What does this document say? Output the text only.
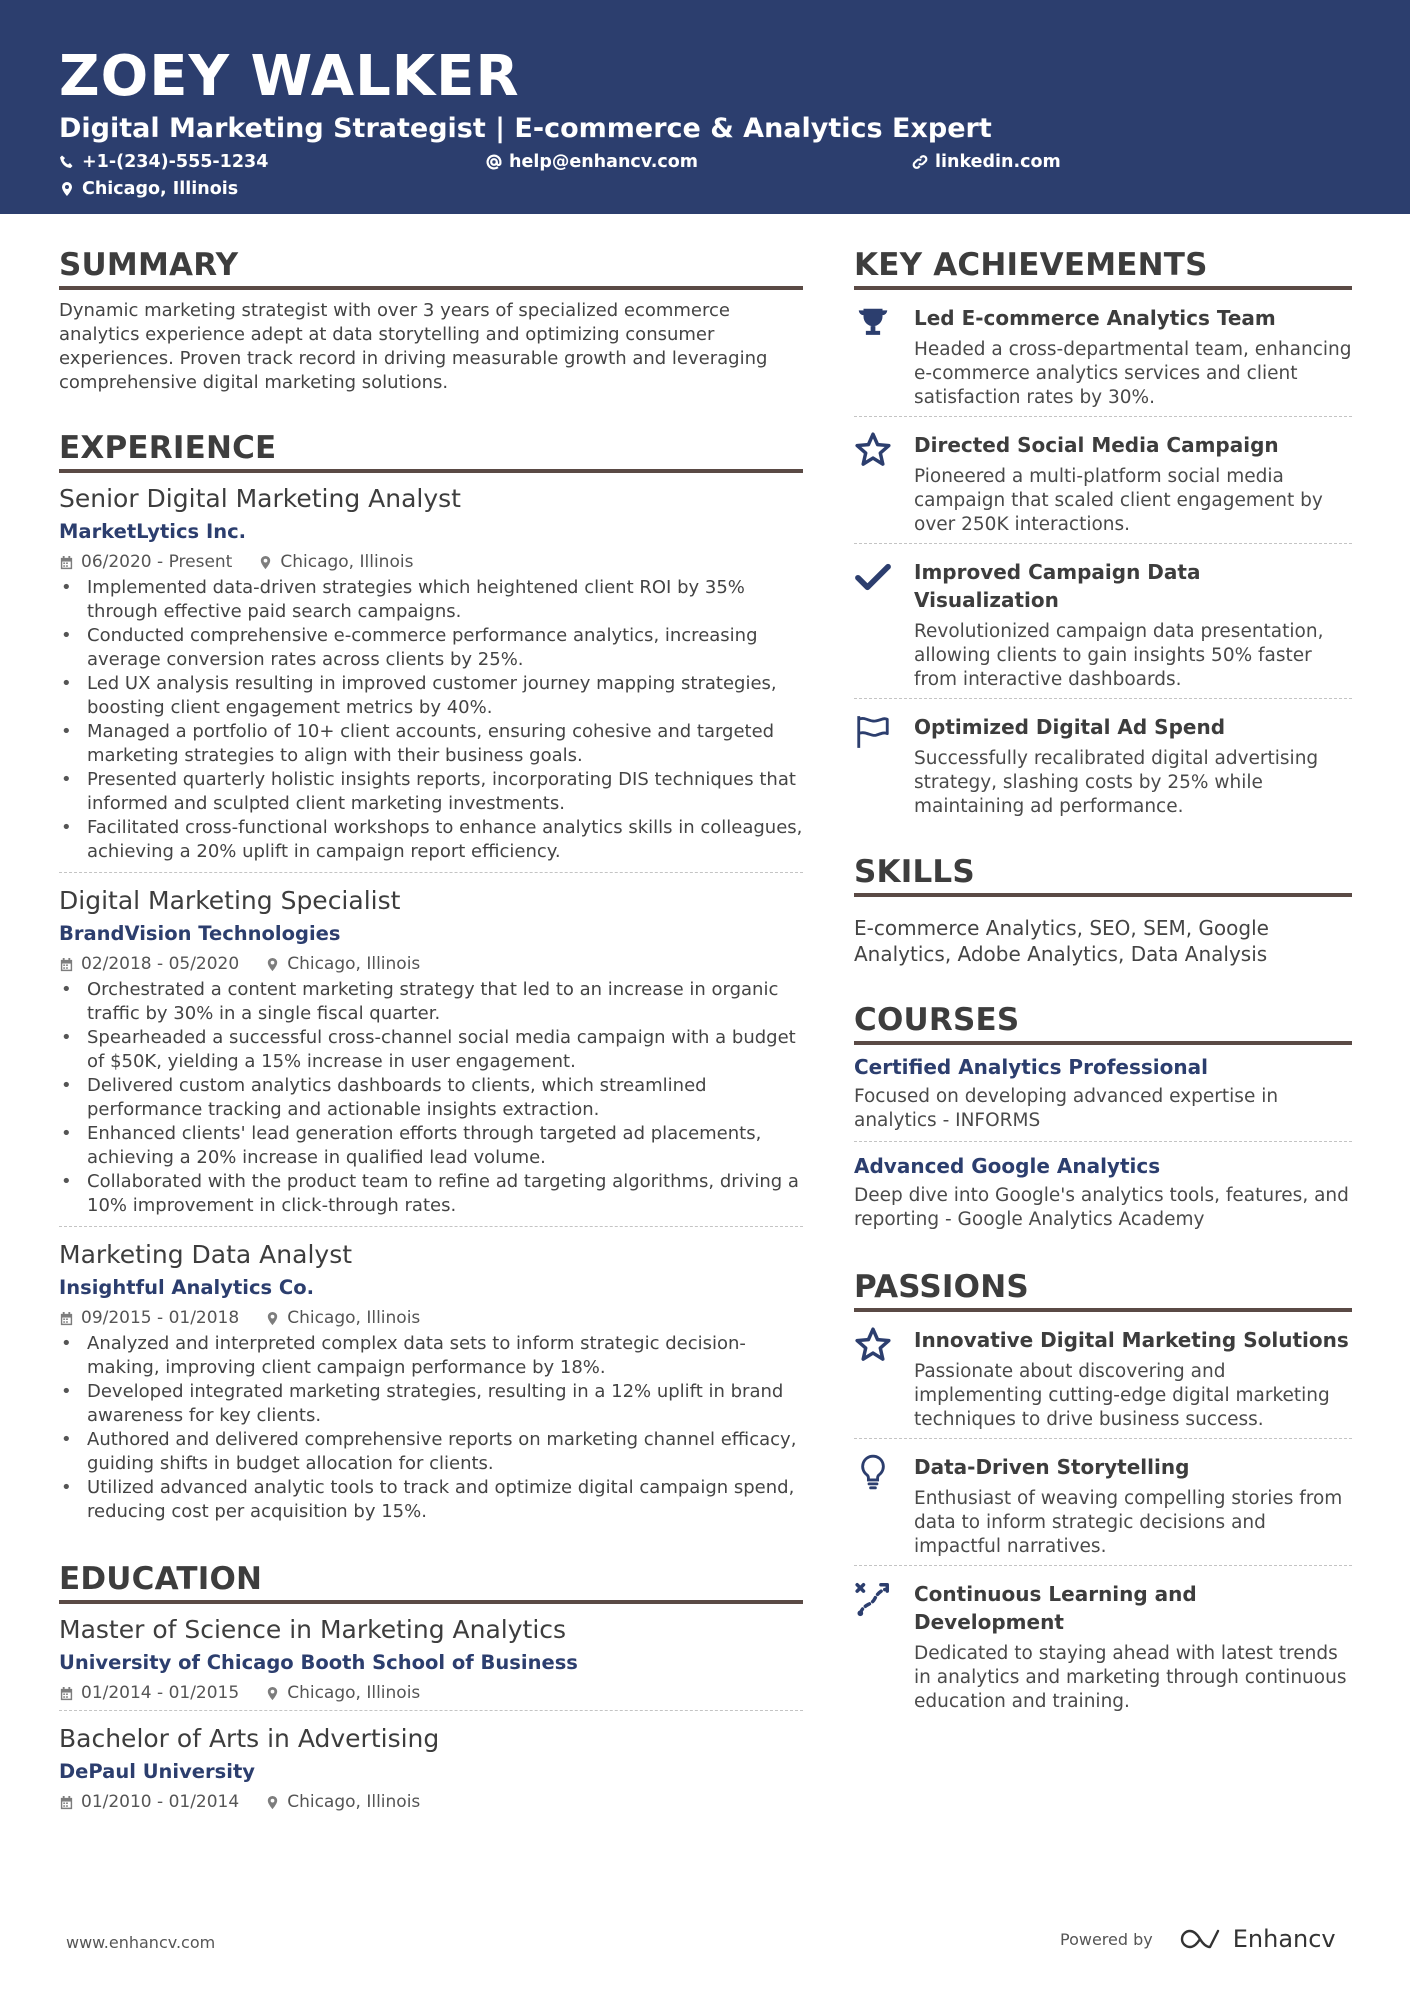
ZOEY WALKER
Digital Marketing Strategist | E-commerce & Analytics Expert
+1-(234)-555-1234	help@enhancv.com	linkedin.com
Chicago, Illinois
SUMMARY

Dynamic marketing strategist with over 3 years of specialized ecommerce analytics experience adept at data storytelling and optimizing consumer experiences. Proven track record in driving measurable growth and leveraging comprehensive digital marketing solutions.

EXPERIENCE
Senior Digital Marketing Analyst
MarketLytics Inc.
06/2020 - Present	Chicago, Illinois
• Implemented data-driven strategies which heightened client ROI by 35% through effective paid search campaigns.
• Conducted comprehensive e-commerce performance analytics, increasing average conversion rates across clients by 25%.
• Led UX analysis resulting in improved customer journey mapping strategies, boosting client engagement metrics by 40%.
• Managed a portfolio of 10+ client accounts, ensuring cohesive and targeted marketing strategies to align with their business goals.
• Presented quarterly holistic insights reports, incorporating DIS techniques that informed and sculpted client marketing investments.
• Facilitated cross-functional workshops to enhance analytics skills in colleagues, achieving a 20% uplift in campaign report efficiency.
Digital Marketing Specialist
BrandVision Technologies
02/2018 - 05/2020	Chicago, Illinois
• Orchestrated a content marketing strategy that led to an increase in organic traffic by 30% in a single fiscal quarter.
• Spearheaded a successful cross-channel social media campaign with a budget of $50K, yielding a 15% increase in user engagement.
• Delivered custom analytics dashboards to clients, which streamlined performance tracking and actionable insights extraction.
• Enhanced clients' lead generation efforts through targeted ad placements, achieving a 20% increase in qualified lead volume.
• Collaborated with the product team to refine ad targeting algorithms, driving a 10% improvement in click-through rates.
Marketing Data Analyst
Insightful Analytics Co.
09/2015 - 01/2018	Chicago, Illinois
• Analyzed and interpreted complex data sets to inform strategic decision-making, improving client campaign performance by 18%.
• Developed integrated marketing strategies, resulting in a 12% uplift in brand awareness for key clients.
• Authored and delivered comprehensive reports on marketing channel efficacy, guiding shifts in budget allocation for clients.
• Utilized advanced analytic tools to track and optimize digital campaign spend, reducing cost per acquisition by 15%.
EDUCATION
Master of Science in Marketing Analytics
University of Chicago Booth School of Business
01/2014 - 01/2015	Chicago, Illinois
Bachelor of Arts in Advertising
DePaul University
01/2010 - 01/2014	Chicago, Illinois
KEY ACHIEVEMENTS
Led E-commerce Analytics Team
Headed a cross-departmental team, enhancing e-commerce analytics services and client satisfaction rates by 30%.
Directed Social Media Campaign
Pioneered a multi-platform social media campaign that scaled client engagement by over 250K interactions.
Improved Campaign Data Visualization
Revolutionized campaign data presentation, allowing clients to gain insights 50% faster from interactive dashboards.
Optimized Digital Ad Spend
Successfully recalibrated digital advertising strategy, slashing costs by 25% while maintaining ad performance.
SKILLS

E-commerce Analytics, SEO, SEM, Google Analytics, Adobe Analytics, Data Analysis

COURSES
Certified Analytics Professional
Focused on developing advanced expertise in analytics - INFORMS
Advanced Google Analytics
Deep dive into Google's analytics tools, features, and reporting - Google Analytics Academy
PASSIONS
Innovative Digital Marketing Solutions
Passionate about discovering and implementing cutting-edge digital marketing techniques to drive business success.
Data-Driven Storytelling
Enthusiast of weaving compelling stories from data to inform strategic decisions and impactful narratives.
Continuous Learning and Development
Dedicated to staying ahead with latest trends in analytics and marketing through continuous education and training.
www.enhancv.com	Powered by	Enhancv
